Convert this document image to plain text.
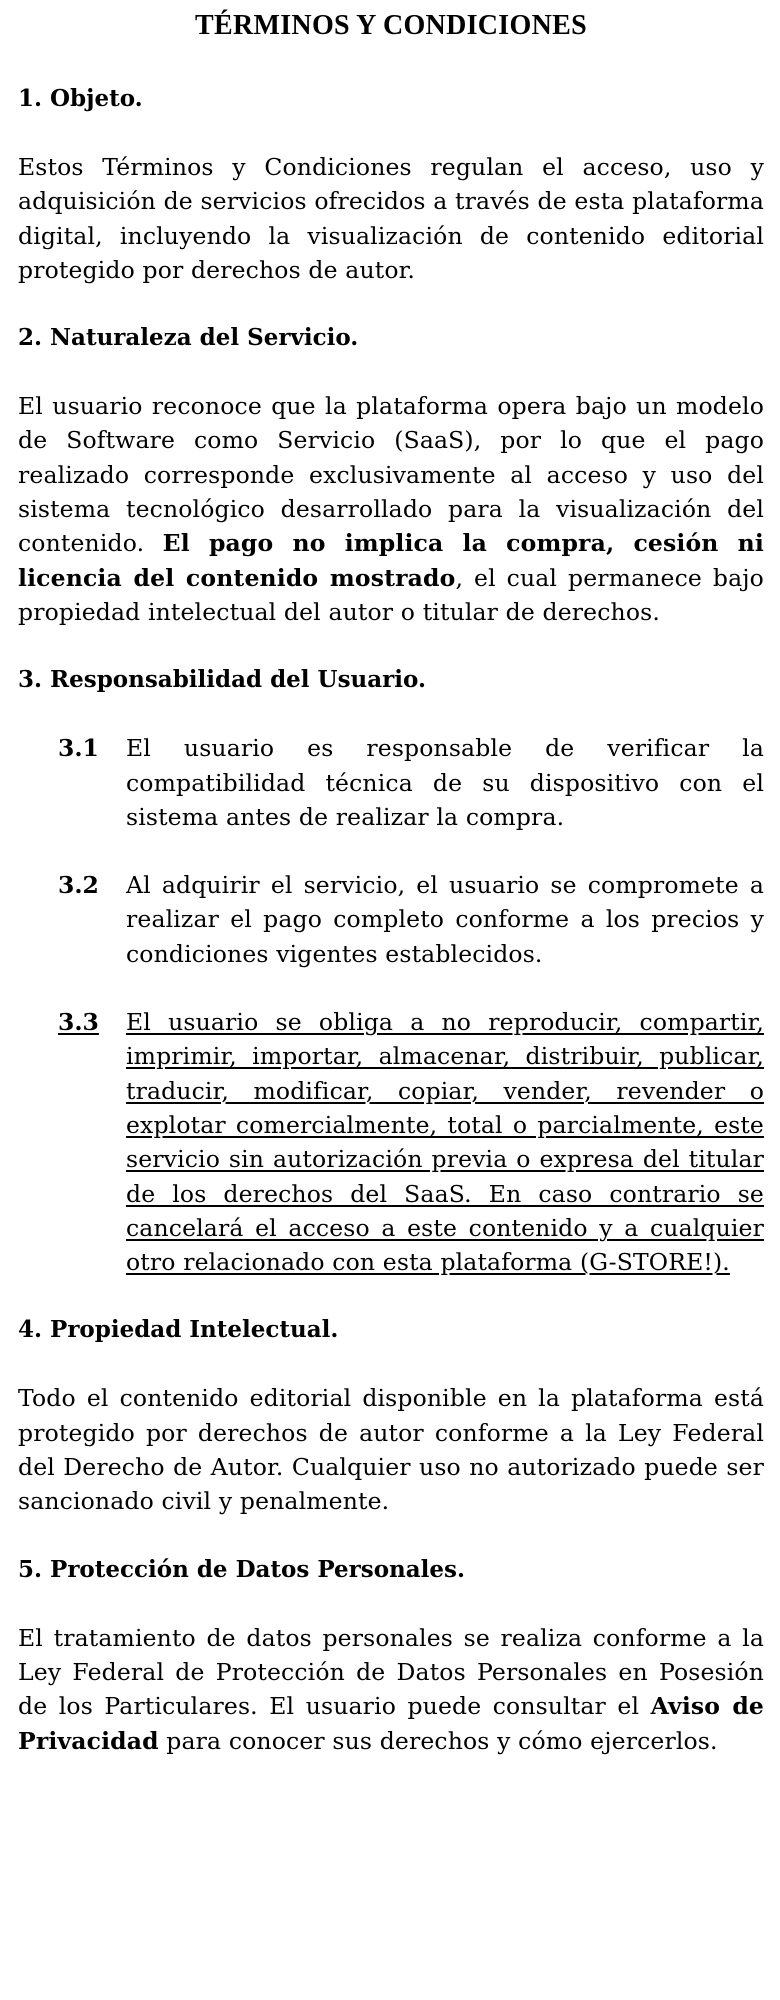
TÉRMINOS Y CONDICIONES
1. Objeto.
Estos Términos y Condiciones regulan el acceso, uso y adquisición de servicios ofrecidos a través de esta plataforma digital, incluyendo la visualización de contenido editorial protegido por derechos de autor.
2. Naturaleza del Servicio.
El usuario reconoce que la plataforma opera bajo un modelo de Software como Servicio (SaaS), por lo que el pago realizado corresponde exclusivamente al acceso y uso del sistema tecnológico desarrollado para la visualización del contenido. El pago no implica la compra, cesión ni licencia del contenido mostrado, el cual permanece bajo propiedad intelectual del autor o titular de derechos.
3. Responsabilidad del Usuario.
3.1	El usuario es responsable de verificar la compatibilidad técnica de su dispositivo con el sistema antes de realizar la compra.
3.2	Al adquirir el servicio, el usuario se compromete a realizar el pago completo conforme a los precios y condiciones vigentes establecidos.
3.3	El usuario se obliga a no reproducir, compartir, imprimir, importar, almacenar, distribuir, publicar, traducir, modificar, copiar, vender, revender o explotar comercialmente, total o parcialmente, este servicio sin autorización previa o expresa del titular de los derechos del SaaS. En caso contrario se cancelará el acceso a este contenido y a cualquier otro relacionado con esta plataforma (G-STORE!).
4. Propiedad Intelectual.
Todo el contenido editorial disponible en la plataforma está protegido por derechos de autor conforme a la Ley Federal del Derecho de Autor. Cualquier uso no autorizado puede ser sancionado civil y penalmente.
5. Protección de Datos Personales.
El tratamiento de datos personales se realiza conforme a la Ley Federal de Protección de Datos Personales en Posesión de los Particulares. El usuario puede consultar el Aviso de Privacidad para conocer sus derechos y cómo ejercerlos.
